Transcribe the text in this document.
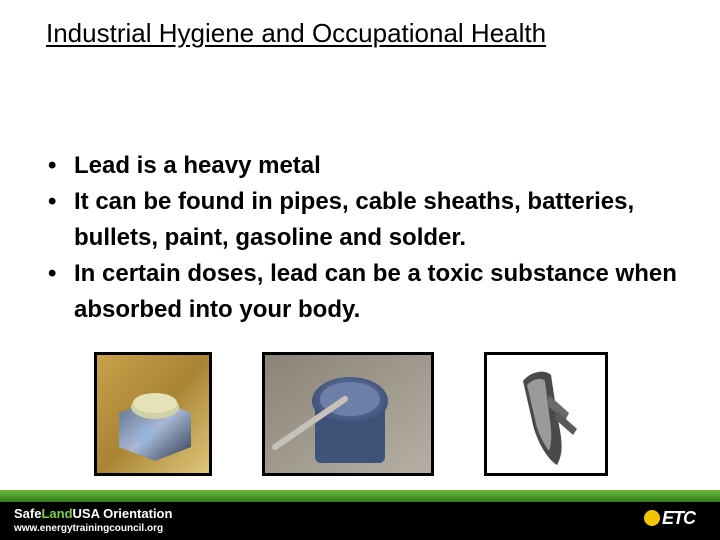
Industrial Hygiene and Occupational Health
• Lead is a heavy metal
• It can be found in pipes, cable sheaths, batteries, bullets, paint, gasoline and solder.
• In certain doses, lead can be a toxic substance when absorbed into your body.
SafeLandUSA Orientation
www.energytrainingcouncil.org
ETC
